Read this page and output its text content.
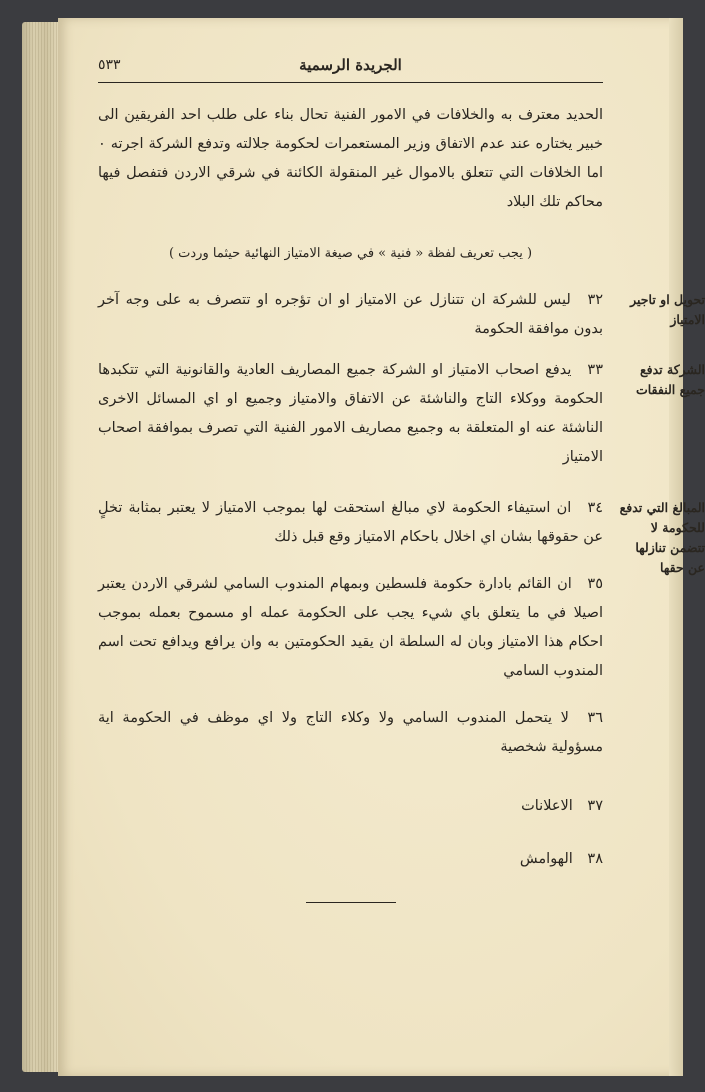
الجريدة الرسمية
٥٣٣

الحديد معترف به والخلافات في الامور الفنية تحال بناء على طلب احد الفريقين الى خبير يختاره عند عدم الاتفاق وزير المستعمرات لحكومة جلالته وتدفع الشركة اجرته ٠ اما الخلافات التي تتعلق بالاموال غير المنقولة الكائنة في شرقي الاردن فتفصل فيها محاكم تلك البلاد

( يجب تعريف لفظة « فنية » في صيغة الامتياز النهائية حيثما وردت )
٣٢ ليس للشركة ان تتنازل عن الامتياز او ان تؤجره او تتصرف به على وجه آخر بدون موافقة الحكومة
تحويل او تاجير الامتياز
٣٣ يدفع اصحاب الامتياز او الشركة جميع المصاريف العادية والقانونية التي تتكبدها الحكومة ووكلاء التاج والناشئة عن الاتفاق والامتياز وجميع او اي المسائل الاخرى الناشئة عنه او المتعلقة به وجميع مصاريف الامور الفنية التي تصرف بموافقة اصحاب الامتياز
الشركة تدفع جميع النفقات
٣٤ ان استيفاء الحكومة لاي مبالغ استحقت لها بموجب الامتياز لا يعتبر بمثابة تخلٍ عن حقوقها بشان اي اخلال باحكام الامتياز وقع قبل ذلك
المبالغ التي تدفع للحكومة لا تتضمن تنازلها عن حقها
٣٥ ان القائم بادارة حكومة فلسطين وبمهام المندوب السامي لشرقي الاردن يعتبر اصيلا في ما يتعلق باي شيء يجب على الحكومة عمله او مسموح بعمله بموجب احكام هذا الامتياز وبان له السلطة ان يقيد الحكومتين به وان يرافع ويدافع تحت اسم المندوب السامي
٣٦ لا يتحمل المندوب السامي ولا وكلاء التاج ولا اي موظف في الحكومة اية مسؤولية شخصية
٣٧ الاعلانات
٣٨ الهوامش
